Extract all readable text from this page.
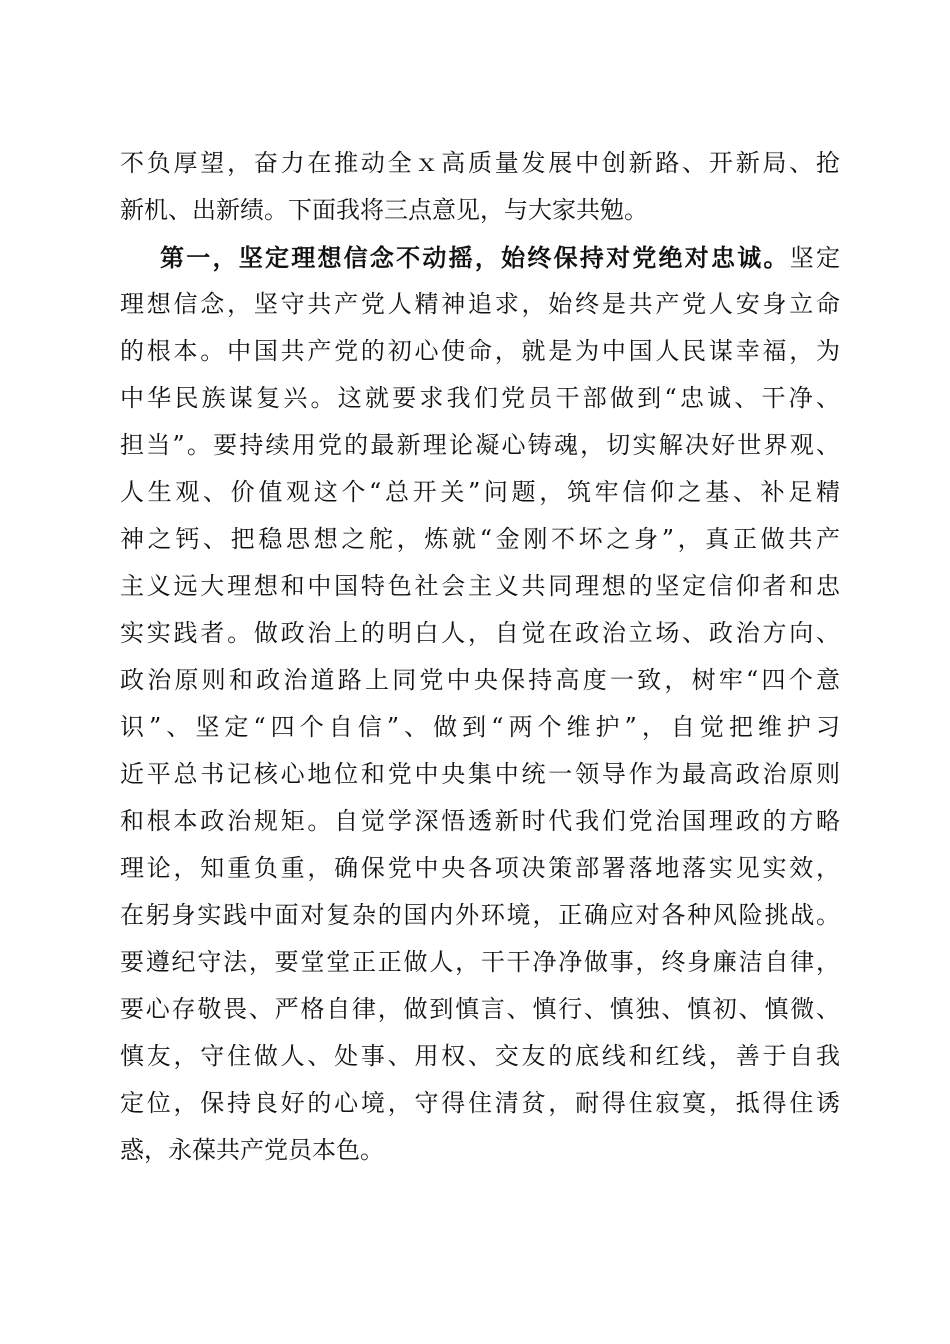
不负厚望，奋力在推动全ｘ高质量发展中创新路、开新局、抢
新机、出新绩。下面我将三点意见，与大家共勉。
第一，坚定理想信念不动摇，始终保持对党绝对忠诚。坚定
理想信念，坚守共产党人精神追求，始终是共产党人安身立命
的根本。中国共产党的初心使命，就是为中国人民谋幸福，为
中华民族谋复兴。这就要求我们党员干部做到“忠诚、干净、
担当”。要持续用党的最新理论凝心铸魂，切实解决好世界观、
人生观、价值观这个“总开关”问题，筑牢信仰之基、补足精
神之钙、把稳思想之舵，炼就“金刚不坏之身”，真正做共产
主义远大理想和中国特色社会主义共同理想的坚定信仰者和忠
实实践者。做政治上的明白人，自觉在政治立场、政治方向、
政治原则和政治道路上同党中央保持高度一致，树牢“四个意
识”、坚定“四个自信”、做到“两个维护”，自觉把维护习
近平总书记核心地位和党中央集中统一领导作为最高政治原则
和根本政治规矩。自觉学深悟透新时代我们党治国理政的方略
理论，知重负重，确保党中央各项决策部署落地落实见实效，
在躬身实践中面对复杂的国内外环境，正确应对各种风险挑战。
要遵纪守法，要堂堂正正做人，干干净净做事，终身廉洁自律，
要心存敬畏、严格自律，做到慎言、慎行、慎独、慎初、慎微、
慎友，守住做人、处事、用权、交友的底线和红线，善于自我
定位，保持良好的心境，守得住清贫，耐得住寂寞，抵得住诱
惑，永葆共产党员本色。
